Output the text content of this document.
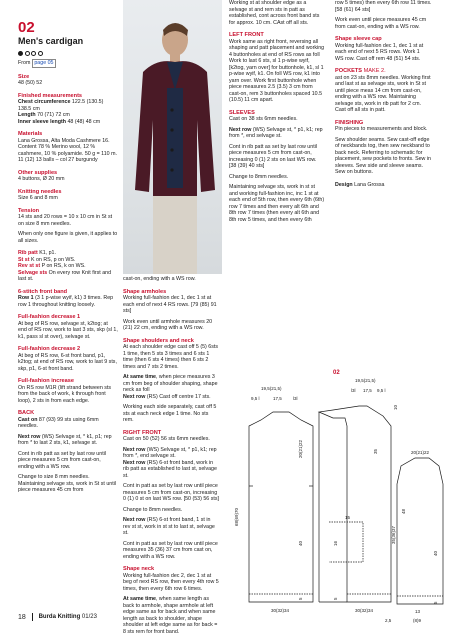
02
Men's cardigan
From page 05
Size

48 (50) 52

Finished measurements

Chest circumference 122.5 (130.5) 138.5 cm
Length 70 (71) 72 cm
Inner sleeve length 48 (48) 48 cm

Materials

Lana Grossa, Alta Moda Cashmere 16.
Content 78 % Merino wool, 12 % cashmere, 10 % polyamide. 50 g = 110 m.
11 (12) 13 balls – col 27 burgundy

Other supplies

4 buttons, Ø 20 mm

Knitting needles

Size 6 and 8 mm

Tension

14 sts and 20 rows = 10 x 10 cm in St st on size 8 mm needles.

When only one figure is given, it applies to all sizes.

Rib patt K1, p1.
St st K on RS, p on WS.
Rev st st P on RS, k on WS.
Selvage sts On every row Knit first and last st.

6-stitch front band

Row 1 (3 1 p-wise wyif, k1) 3 times. Rep row 1 throughout knitting loosely.

Full-fashion decrease 1

At beg of RS row, selvage st, k2tog; at end of RS row, work to last 3 sts, skp (sl 1, k1, pass sl st over), selvage st.

Full-fashion decrease 2

At beg of RS row, 6-st front band, p1, k2tog; at end of RS row, work to last 9 sts, skp, p1, 6-st front band.

Full-fashion increase

On RS row M1R (lift strand between sts from the back of work, k through front loop), 2 sts in from each edge.

BACK

Cast on 87 (93) 99 sts using 6mm needles.

Next row (WS) Selvage st, * k1, p1; rep from * to last 2 sts, k1, selvage st.

Cont in rib patt as set by last row until piece measures 5 cm from cast-on, ending with a WS row.

Change to size 8 mm needles. Maintaining selvage sts, work in St st until piece measures 45 cm from

cast-on, ending with a WS row.

Shape armholes

Working full-fashion dec 1, dec 1 st at each end of next 4 RS rows. [79 (85) 91 sts]

Work even until armhole measures 20 (21) 22 cm, ending with a WS row.

Shape shoulders and neck

At each shoulder edge cast off 5 (5) 6sts 1 time, then 5 sts 3 times and 6 sts 1 time (then 6 sts 4 times) then 6 sts 2 times and 7 sts 2 times.

At same time, when piece measures 3 cm from beg of shoulder shaping, shape neck as foll
Next row (RS) Cast off centre 17 sts.

Working each side separately, cast off 5 sts at each neck edge 1 time. No sts rem.

RIGHT FRONT

Cast on 50 (52) 56 sts 6mm needles.

Next row (WS) Selvage st, * p1, k1; rep from *, end selvage st.
Next row (RS) 6-st front band, work in rib patt as established to last st, selvage st.

Cont in patt as set by last row until piece measures 5 cm from cast-on, increasing 0 (1) 0 st on last WS row. [50 (53) 56 sts]

Change to 8mm needles.

Next row (RS) 6-st front band, 1 st in rev st st, work in st st to last st, selvage st.

Cont in patt as set by last row until piece measures 35 (36) 37 cm from cast on, ending with a WS row.

Shape neck

Working full-fashion dec 2, dec 1 st at beg of next RS row, then every 4th row 5 times, then every 6th row 6 times.

At same time, when same length as back to armhole, shape armhole at left edge same as for back and when same length as back to shoulder, shape shoulder at left edge same as for back = 8 sts rem for front band.

Working st at shoulder edge as a selvage st and rem sts in patt as established, cont across front band sts for approx. 10 cm. CAst off all sts.

LEFT FRONT

Work same as right front, reversing all shaping and patt placement and working 4 buttonholes at end of RS rows as foll Work to last 6 sts, sl 1 p-wise wyif, [k2tog, yarn over] for buttonhole, k1, sl 1 p-wise wyif, k1. On foll WS row, k1 into yarn over. Work first buttonhole when piece measures 2.5 (3.5) 3 cm from cast-on, rem 3 buttonholes spaced 10.5 (10.5) 11 cm apart.

SLEEVES

Cast on 38 sts 6mm needles.

Next row (WS) Selvage st, * p1, k1; rep from *, end selvage st.

Cont in rib patt as set by last row until piece measures 5 cm from cast-on, increasing 0 (1) 2 sts on last WS row. [38 (39) 40 sts]

Change to 8mm needles.

Maintaining selvage sts, work in st st and working full-fashion inc, inc 1 st at each end of 5th row, then every 6th (6th) row 7 times and then every alt 6th and 8th row 7 times (then every alt 6th and 8th row 5 times, and then every 6th

row 5 times) then every 6th row 11 times. [58 (61) 64 sts]

Work even until piece measures 45 cm from cast-on, ending with a WS row.

Shape sleeve cap

Working full-fashion dec 1, dec 1 st at each end of next 5 RS rows. Work 1
WS row. Cast off rem 48 (51) 54 sts.

POCKETS MAKE 2.

ast on 23 sts 8mm needles. Working first and last st as selvage sts, work in St st until piece meas 14 cm from cast-on, ending with a WS row. Maintaining selvage sts, work in rib patt for 2 cm. Cast off all sts in patt.

FINISHING

Pin pieces to measurements and block.

Sew shoulder seams. Sew cast-off edge of neckbands tog, then sew neckband to back neck. Referring to schematic for placement, sew pockets to fronts. Sew in sleeves. Sew side and sleeve seams. Sew on buttons.

Design Lana Grossa

02
19,5(21,5)
9,5 l	17,5 l3l
68(69)70
20(21)22
40
5
30(32)34
19,5(21,5)
l3l 17,5 9,5 l
10
35
35(36)37
15
16
5
30(32)34
2,5
20(21)22
48
40
5
13
(8)9
18 Burda Knitting 01/23
